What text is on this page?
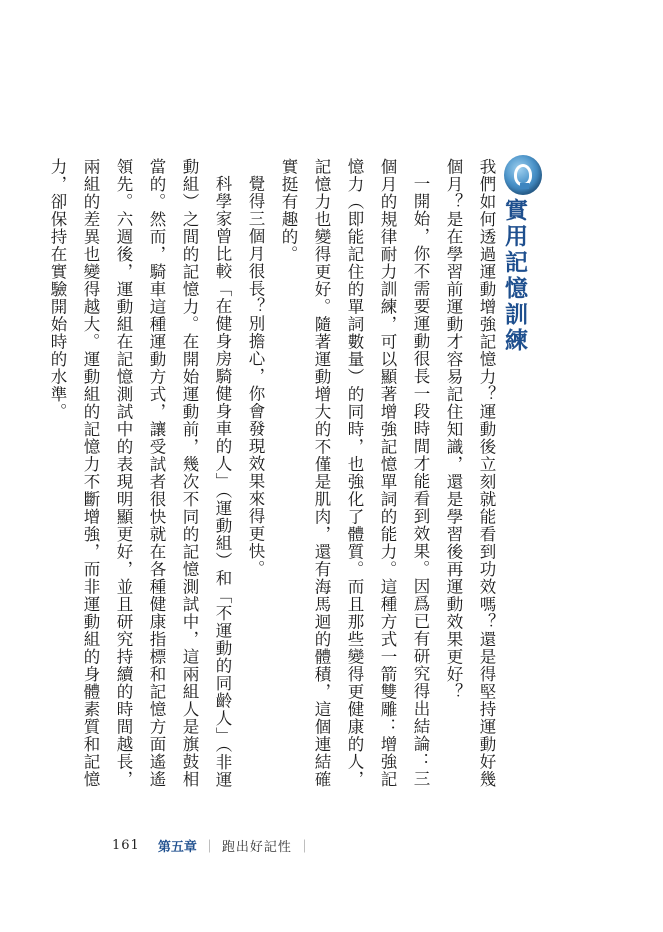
實用記憶訓練

我們如何透過運動增強記憶力？運動後立刻就能看到功效嗎？還是得堅持運動好幾個月？是在學習前運動才容易記住知識，還是學習後再運動效果更好？

一開始，你不需要運動很長一段時間才能看到效果。因爲已有研究得出結論：三個月的規律耐力訓練，可以顯著增強記憶單詞的能力。這種方式一箭雙雕：增強記憶力（即能記住的單詞數量）的同時，也強化了體質。而且那些變得更健康的人，記憶力也變得更好。隨著運動增大的不僅是肌肉，還有海馬迴的體積，這個連結確實挺有趣的。

覺得三個月很長？別擔心，你會發現效果來得更快。

科學家曾比較「在健身房騎健身車的人」（運動組）和「不運動的同齡人」（非運動組）之間的記憶力。在開始運動前，幾次不同的記憶測試中，這兩組人是旗鼓相當的。然而，騎車這種運動方式，讓受試者很快就在各種健康指標和記憶方面遙遙領先。六週後，運動組在記憶測試中的表現明顯更好，並且研究持續的時間越長，兩組的差異也變得越大。運動組的記憶力不斷增強，而非運動組的身體素質和記憶力，卻保持在實驗開始時的水準。

161 第五章 ｜ 跑出好記性 ｜
